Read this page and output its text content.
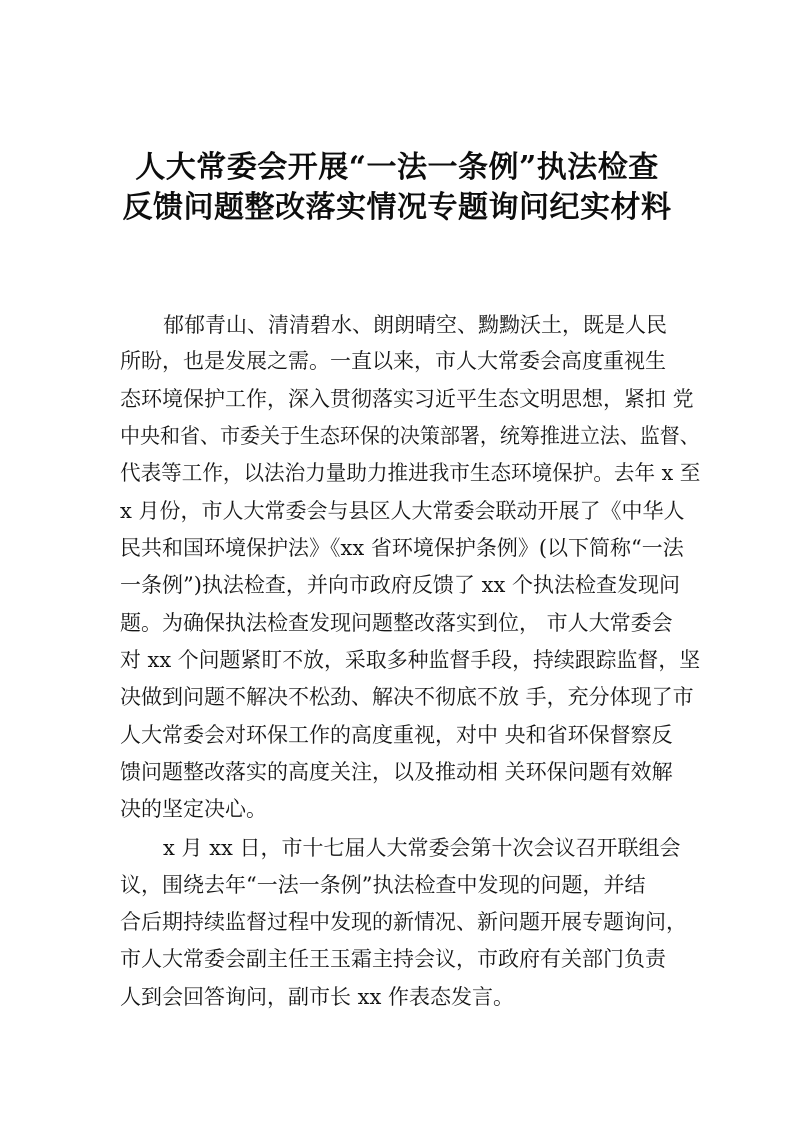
人大常委会开展“一法一条例”执法检查
反馈问题整改落实情况专题询问纪实材料

郁郁青山、清清碧水、朗朗晴空、黝黝沃土，既是人民

所盼，也是发展之需。一直以来，市人大常委会高度重视生

态环境保护工作，深入贯彻落实习近平生态文明思想，紧扣 党

中央和省、市委关于生态环保的决策部署，统筹推进立法、监督、

代表等工作，以法治力量助力推进我市生态环境保护。去年 x 至

x 月份，市人大常委会与县区人大常委会联动开展了《中华人

民共和国环境保护法》《xx 省环境保护条例》(以下简称“一法

一条例”)执法检查，并向市政府反馈了 xx 个执法检查发现问

题。为确保执法检查发现问题整改落实到位， 市人大常委会

对 xx 个问题紧盯不放，采取多种监督手段，持续跟踪监督，坚

决做到问题不解决不松劲、解决不彻底不放 手，充分体现了市

人大常委会对环保工作的高度重视，对中 央和省环保督察反

馈问题整改落实的高度关注，以及推动相 关环保问题有效解

决的坚定决心。

x 月 xx 日，市十七届人大常委会第十次会议召开联组会

议，围绕去年“一法一条例”执法检查中发现的问题，并结

合后期持续监督过程中发现的新情况、新问题开展专题询问，

市人大常委会副主任王玉霜主持会议，市政府有关部门负责

人到会回答询问，副市长 xx 作表态发言。
